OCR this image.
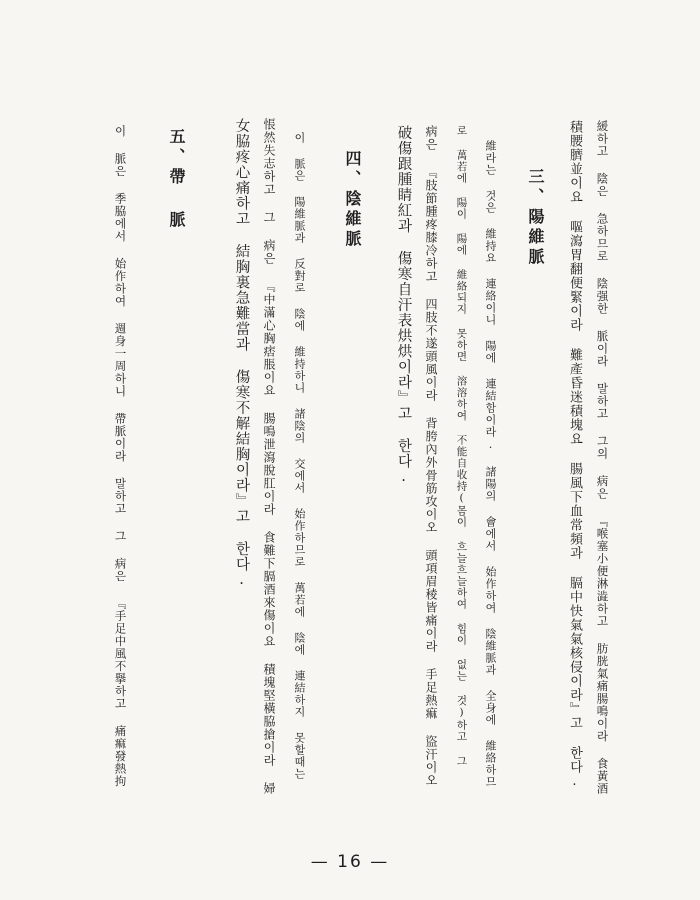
緩하고 陰은 急하므로 陰强한 脈이라 말하고 그의 病은 『喉塞小便淋澁하고 肪胱氣痛腸鳴이라 食黃酒
積腰臍並이요 嘔瀉胃翻便緊이라 難產昏迷積塊요 腸風下血常頻과 膈中快氣氣核侵이라』고 한다.
三、陽維脈
維라는 것은 維持요 連絡이니 陽에 連結함이라. 諸陽의 會에서 始作하여 陰維脈과 全身에 維絡하므
로 萬若에 陽이 陽에 維絡되지 못하면 溶溶하여 不能自收持(몸이 흐늘흐늘하여 힘이 없는 것)하고 그
病은 『肢節腫疼膝冷하고 四肢不遂頭風이라 背胯內外骨筋攻이오 頭項眉稜皆痛이라 手足熱痲 盜汗이오
破傷跟腫睛紅과 傷寒自汗表烘烘이라』고 한다.
四、陰維脈
이 脈은 陽維脈과 反對로 陰에 維持하니 諸陰의 交에서 始作하므로 萬若에 陰에 連結하지 못할때는
悵然失志하고 그 病은 『中滿心胸痞脹이요 腸鳴泄瀉脫肛이라 食難下膈酒來傷이요 積塊堅橫脇搶이라 婦
女脇疼心痛하고 結胸裏急難當과 傷寒不解結胸이라』고 한다.
五、帶 脈
이 脈은 季脇에서 始作하여 週身一周하니 帶脈이라 말하고 그 病은 『手足中風不擧하고 痛痲發熱拘
— 16 —
